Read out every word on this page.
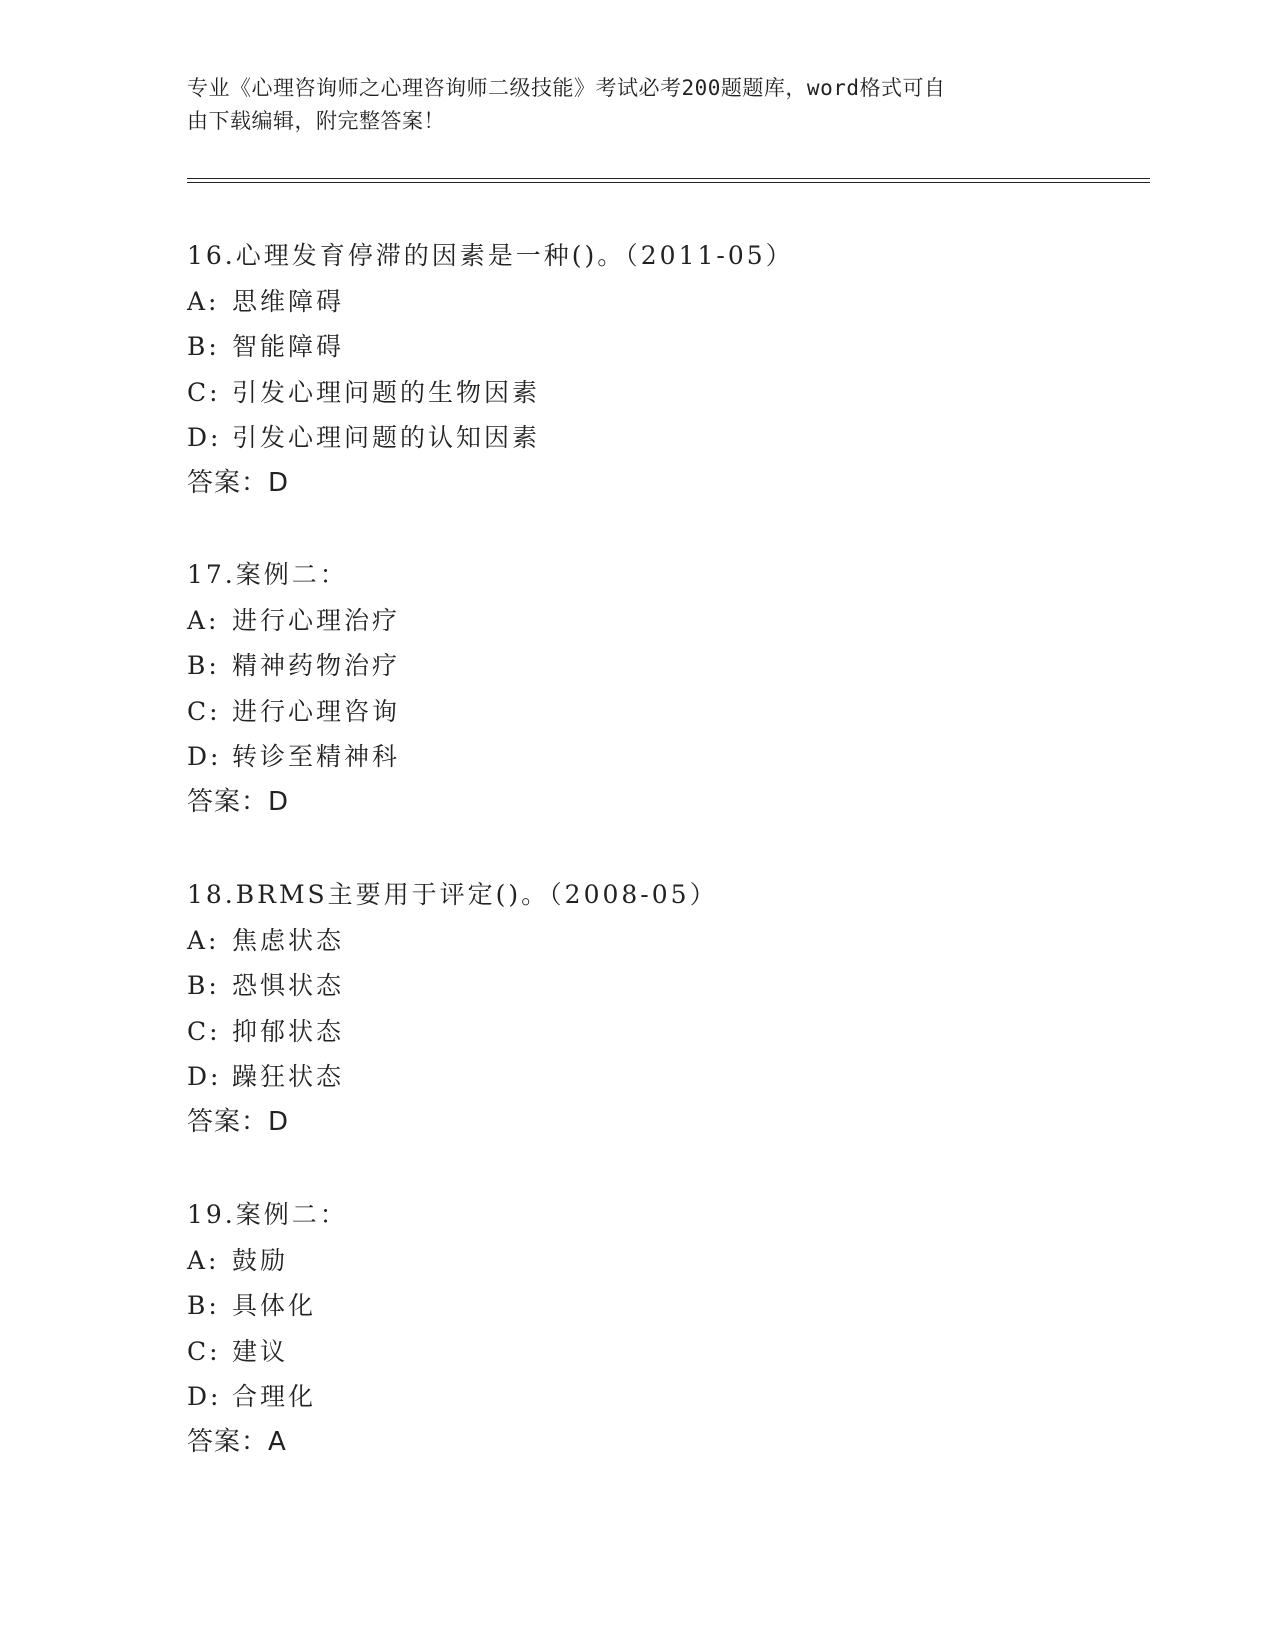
专业《心理咨询师之心理咨询师二级技能》考试必考200题题库，word格式可自
由下载编辑，附完整答案！
16.心理发育停滞的因素是一种()。（2011-05）
A: 思维障碍
B: 智能障碍
C: 引发心理问题的生物因素
D: 引发心理问题的认知因素
答案：D
17.案例二：
A: 进行心理治疗
B: 精神药物治疗
C: 进行心理咨询
D: 转诊至精神科
答案：D
18.BRMS主要用于评定()。（2008-05）
A: 焦虑状态
B: 恐惧状态
C: 抑郁状态
D: 躁狂状态
答案：D
19.案例二：
A: 鼓励
B: 具体化
C: 建议
D: 合理化
答案：A
